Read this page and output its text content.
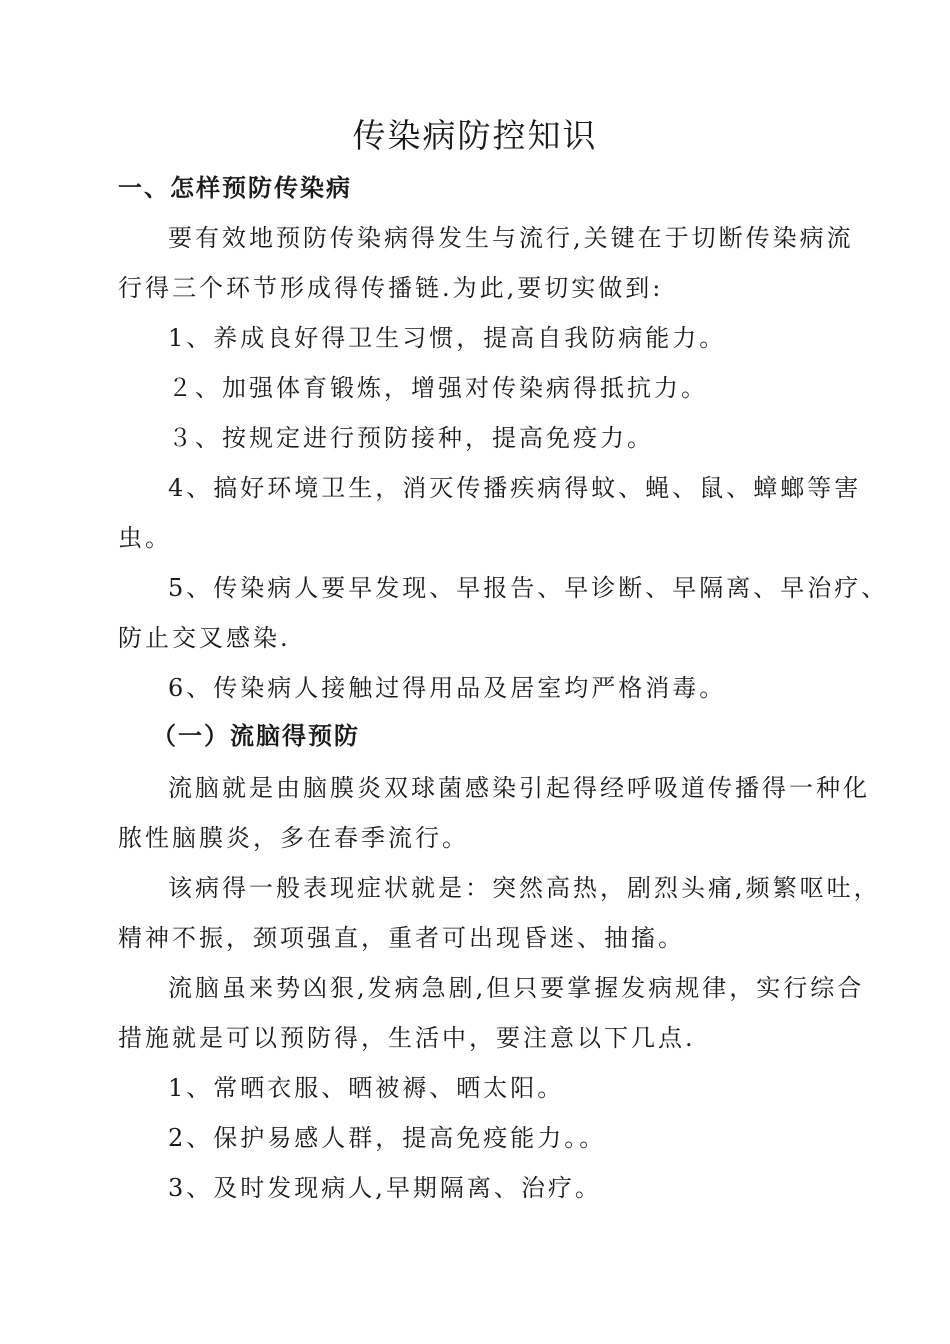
传染病防控知识
一、怎样预防传染病
要有效地预防传染病得发生与流行,关键在于切断传染病流
行得三个环节形成得传播链.为此,要切实做到:
1、养成良好得卫生习惯，提高自我防病能力。
２、加强体育锻炼，增强对传染病得抵抗力。
３、按规定进行预防接种，提高免疫力。
4、搞好环境卫生，消灭传播疾病得蚊、蝇、鼠、蟑螂等害
虫。
5、传染病人要早发现、早报告、早诊断、早隔离、早治疗、
防止交叉感染.
6、传染病人接触过得用品及居室均严格消毒。
（一）流脑得预防
流脑就是由脑膜炎双球菌感染引起得经呼吸道传播得一种化
脓性脑膜炎，多在春季流行。
该病得一般表现症状就是：突然高热，剧烈头痛,频繁呕吐，
精神不振，颈项强直，重者可出现昏迷、抽搐。
流脑虽来势凶狠,发病急剧,但只要掌握发病规律，实行综合
措施就是可以预防得，生活中，要注意以下几点.
1、常晒衣服、晒被褥、晒太阳。
2、保护易感人群，提高免疫能力。。
3、及时发现病人,早期隔离、治疗。
